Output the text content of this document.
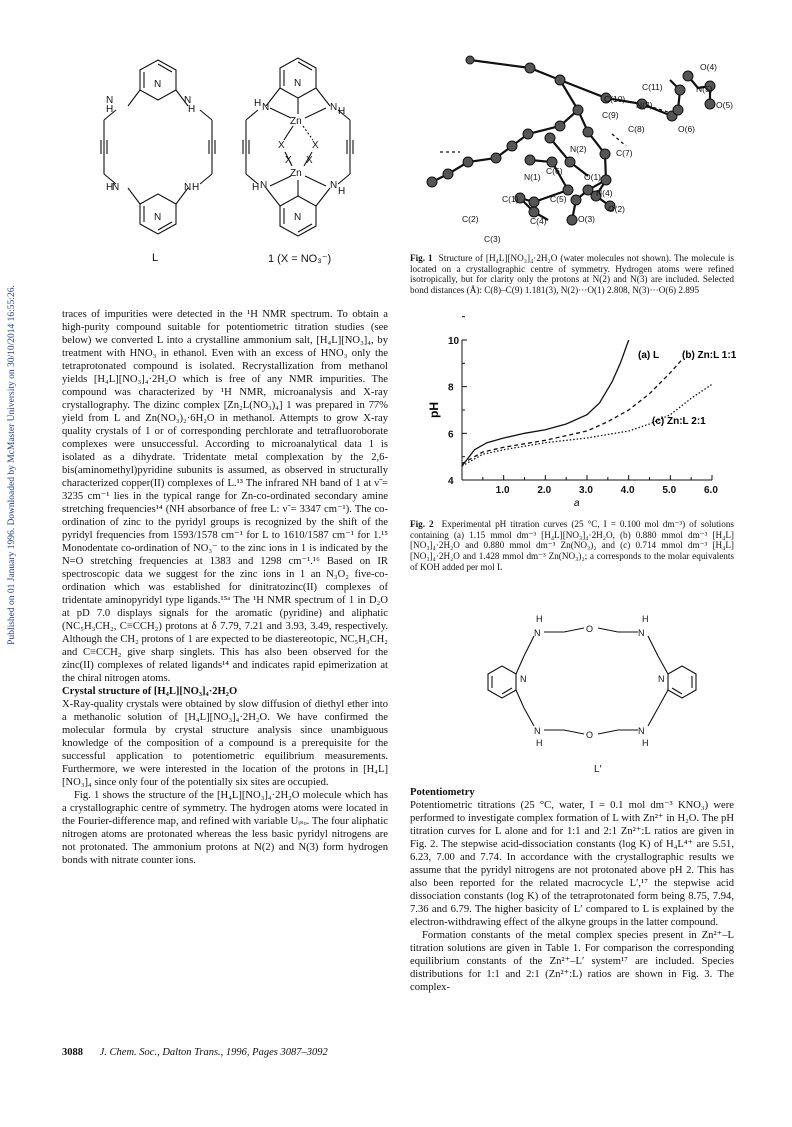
Published on 01 January 1996. Downloaded by McMaster University on 30/10/2014 16:55:26.
N
H
N	N
H
H
N	N H
N
N
H N	N H
Zn
X	X
X X
Zn
H N	N
H
N
L	1 (X = NO₃⁻)
O(4)
N(5)
O(5)
C(11)
C(10)
C(9)
N(3)
O(6)
C(8)
N(2)	C(7)
C(6)
N(1)	O(1)
C(1)	C(5)
N(4)
O(2)
C(2)	C(4)	O(3)
C(3)
Fig. 1 Structure of [H₄L][NO₃]₄·2H₂O (water molecules not shown). The molecule is located on a crystallographic centre of symmetry. Hydrogen atoms were refined isotropically, but for clarity only the protons at N(2) and N(3) are included. Selected bond distances (Å): C(8)–C(9) 1.181(3), N(2)···O(1) 2.808, N(3)···O(6) 2.895

traces of impurities were detected in the ¹H NMR spectrum. To obtain a high-purity compound suitable for potentiometric titration studies (see below) we converted L into a crystalline ammonium salt, [H₄L][NO₃]₄, by treatment with HNO₃ in ethanol. Even with an excess of HNO₃ only the tetraprotonated compound is isolated. Recrystallization from methanol yields [H₄L][NO₃]₄·2H₂O which is free of any NMR impurities. The compound was characterized by ¹H NMR, microanalysis and X-ray crystallography. The dizinc complex [Zn₂L(NO₃)₄] 1 was prepared in 77% yield from L and Zn(NO₃)₂·6H₂O in methanol. Attempts to grow X-ray quality crystals of 1 or of corresponding perchlorate and tetrafluoroborate complexes were unsuccessful. According to microanalytical data 1 is isolated as a dihydrate. Tridentate metal complexation by the 2,6-bis(aminomethyl)pyridine subunits is assumed, as observed in structurally characterized copper(II) complexes of L.¹³ The infrared NH band of 1 at ν̃ = 3235 cm⁻¹ lies in the typical range for Zn-co-ordinated secondary amine stretching frequencies¹⁴ (NH absorbance of free L: ν̃ = 3347 cm⁻¹). The co-ordination of zinc to the pyridyl groups is recognized by the shift of the pyridyl frequencies from 1593/1578 cm⁻¹ for L to 1610/1587 cm⁻¹ for 1.¹⁵ Monodentate co-ordination of NO₃⁻ to the zinc ions in 1 is indicated by the N=O stretching frequencies at 1383 and 1298 cm⁻¹.¹⁶ Based on IR spectroscopic data we suggest for the zinc ions in 1 an N₃O₂ five-co-ordination which was established for dinitratozinc(II) complexes of tridentate aminopyridyl type ligands.¹⁵ᵃ The ¹H NMR spectrum of 1 in D₂O at pD 7.0 displays signals for the aromatic (pyridine) and aliphatic (NC₅H₃CH₂, C≡CCH₂) protons at δ 7.79, 7.21 and 3.93, 3.49, respectively. Although the CH₂ protons of 1 are expected to be diastereotopic, NC₅H₃CH₂ and C≡CCH₂ give sharp singlets. This has also been observed for the zinc(II) complexes of related ligands¹⁴ and indicates rapid epimerization at the chiral nitrogen atoms.

Crystal structure of [H₄L][NO₃]₄·2H₂O

X-Ray-quality crystals were obtained by slow diffusion of diethyl ether into a methanolic solution of [H₄L][NO₃]₄·2H₂O. We have confirmed the molecular formula by crystal structure analysis since unambiguous knowledge of the composition of a compound is a prerequisite for the successful application to potentiometric equilibrium measurements. Furthermore, we were interested in the location of the protons in [H₄L][NO₃]₄ since only four of the potentially six sites are occupied.

Fig. 1 shows the structure of the [H₄L][NO₃]₄·2H₂O molecule which has a crystallographic centre of symmetry. The hydrogen atoms were located in the Fourier-difference map, and refined with variable Uᵢₛₒ. The four aliphatic nitrogen atoms are protonated whereas the less basic pyridyl nitrogens are not protonated. The ammonium protons at N(2) and N(3) form hydrogen bonds with nitrate counter ions.

1.0	2.0	3.0	4.0	5.0	6.0
4
6
8
10
pH
a
(a) L (b) Zn:L 1:1
(c) Zn:L 2:1
Fig. 2 Experimental pH titration curves (25 °C, I = 0.100 mol dm⁻³) of solutions containing (a) 1.15 mmol dm⁻³ [H₄L][NO₃]₄·2H₂O, (b) 0.880 mmol dm⁻³ [H₄L][NO₃]₄·2H₂O and 0.880 mmol dm⁻³ Zn(NO₃)₂ and (c) 0.714 mmol dm⁻³ [H₄L][NO₃]₄·2H₂O and 1.428 mmol dm⁻³ Zn(NO₃)₂; a corresponds to the molar equivalents of KOH added per mol L
H
N	O	N
H
N	N
N	O	N
H	H
L′

Potentiometry

Potentiometric titrations (25 °C, water, I = 0.1 mol dm⁻³ KNO₃) were performed to investigate complex formation of L with Zn²⁺ in H₂O. The pH titration curves for L alone and for 1:1 and 2:1 Zn²⁺:L ratios are given in Fig. 2. The stepwise acid-dissociation constants (log K) of H₄L⁴⁺ are 5.51, 6.23, 7.00 and 7.74. In accordance with the crystallographic results we assume that the pyridyl nitrogens are not protonated above pH 2. This has also been reported for the related macrocycle L′,¹⁷ the stepwise acid dissociation constants (log K) of the tetraprotonated form being 8.75, 7.94, 7.36 and 6.79. The higher basicity of L′ compared to L is explained by the electron-withdrawing effect of the alkyne groups in the latter compound.

Formation constants of the metal complex species present in Zn²⁺–L titration solutions are given in Table 1. For comparison the corresponding equilibrium constants of the Zn²⁺–L′ system¹⁷ are included. Species distributions for 1:1 and 2:1 (Zn²⁺:L) ratios are shown in Fig. 3. The complex-

3088 J. Chem. Soc., Dalton Trans., 1996, Pages 3087–3092
